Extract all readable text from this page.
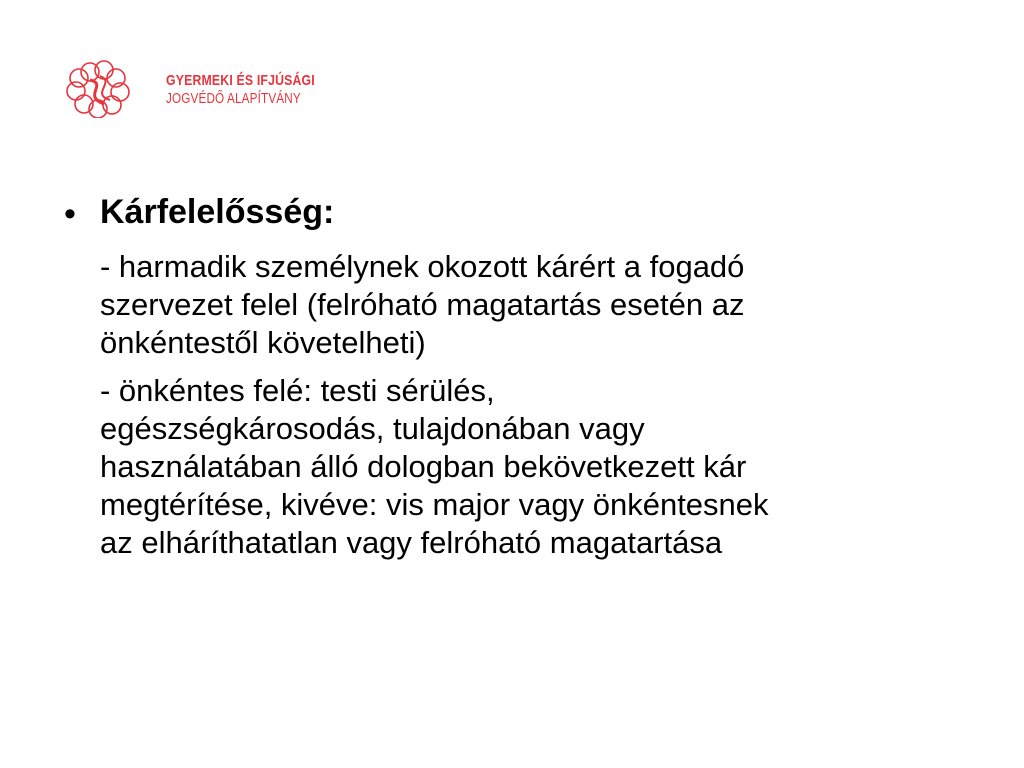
GYERMEKI ÉS IFJÚSÁGI
JOGVÉDŐ ALAPÍTVÁNY
• Kárfelelősség:

- harmadik személynek okozott kárért a fogadó
szervezet felel (felróható magatartás esetén az
önkéntestől követelheti)

- önkéntes felé: testi sérülés,
egészségkárosodás, tulajdonában vagy
használatában álló dologban bekövetkezett kár
megtérítése, kivéve: vis major vagy önkéntesnek
az elháríthatatlan vagy felróható magatartása
